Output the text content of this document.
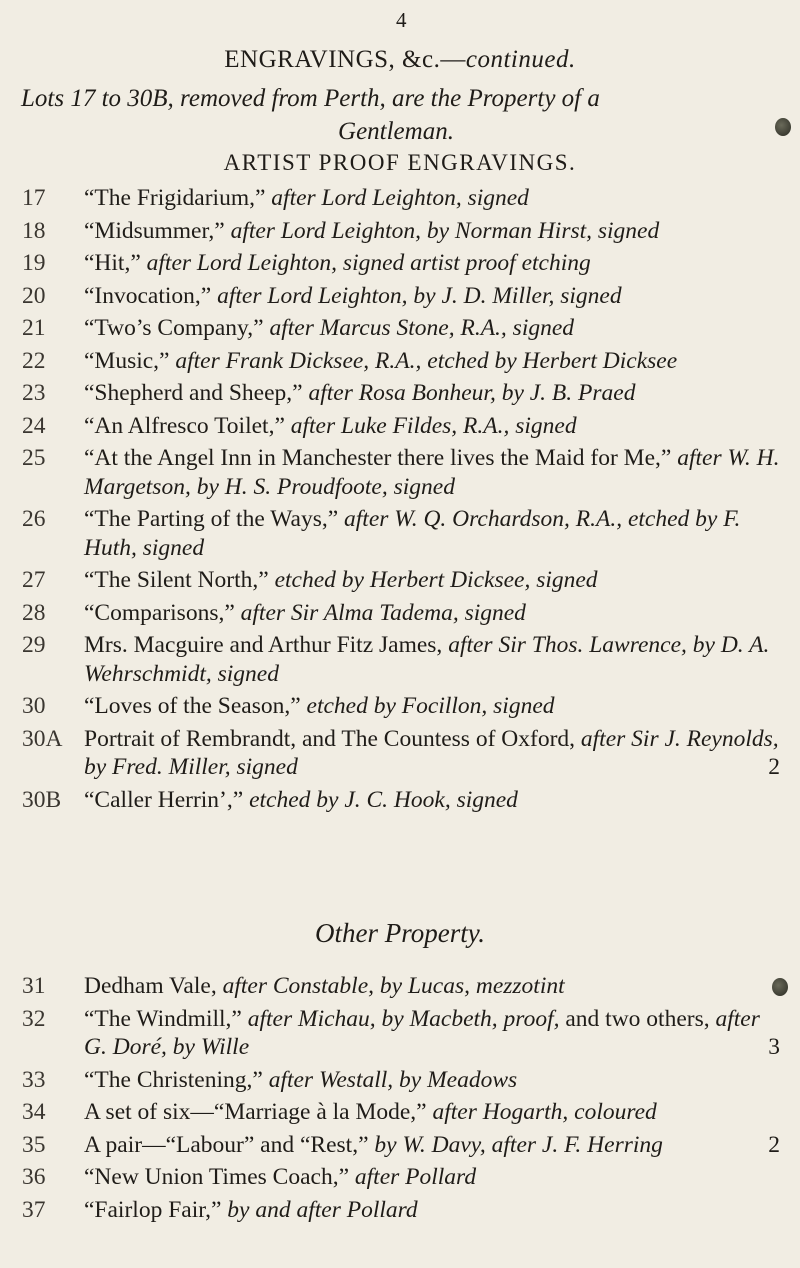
4
ENGRAVINGS, &c.—continued.
Lots 17 to 30B, removed from Perth, are the Property of a
Gentleman.
ARTIST PROOF ENGRAVINGS.
17	“The Frigidarium,” after Lord Leighton, signed
18	“Midsummer,” after Lord Leighton, by Norman Hirst, signed
19	“Hit,” after Lord Leighton, signed artist proof etching
20	“Invocation,” after Lord Leighton, by J. D. Miller, signed
21	“Two’s Company,” after Marcus Stone, R.A., signed
22	“Music,” after Frank Dicksee, R.A., etched by Herbert Dicksee
23	“Shepherd and Sheep,” after Rosa Bonheur, by J. B. Praed
24	“An Alfresco Toilet,” after Luke Fildes, R.A., signed
25	“At the Angel Inn in Manchester there lives the Maid for Me,” after W. H. Margetson, by H. S. Proudfoote, signed
26	“The Parting of the Ways,” after W. Q. Orchardson, R.A., etched by F. Huth, signed
27	“The Silent North,” etched by Herbert Dicksee, signed
28	“Comparisons,” after Sir Alma Tadema, signed
29	Mrs. Macguire and Arthur Fitz James, after Sir Thos. Lawrence, by D. A. Wehrschmidt, signed
30	“Loves of the Season,” etched by Focillon, signed
30A Portrait of Rembrandt, and The Countess of Oxford, after Sir J. Reynolds, by Fred. Miller, signed	2
30B “Caller Herrin’,” etched by J. C. Hook, signed
Other Property.
31	Dedham Vale, after Constable, by Lucas, mezzotint
32	“The Windmill,” after Michau, by Macbeth, proof, and two others, after G. Doré, by Wille	3
33	“The Christening,” after Westall, by Meadows
34	A set of six—“Marriage à la Mode,” after Hogarth, coloured
35	A pair—“Labour” and “Rest,” by W. Davy, after J. F. Herring	2
36	“New Union Times Coach,” after Pollard
37	“Fairlop Fair,” by and after Pollard
